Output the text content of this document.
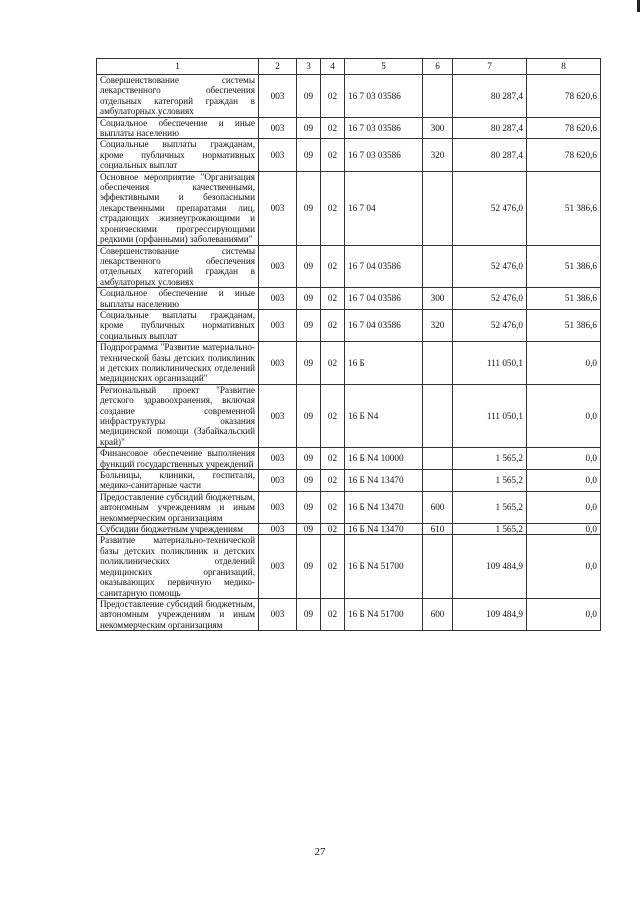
1	2	3	4	5	6	7	8
Совершенствование системы лекарственного обеспечения отдельных категорий граждан в амбулаторных условиях	003	09	02	16 7 03 03586		80 287,4	78 620,6
Социальное обеспечение и иные выплаты населению	003	09	02	16 7 03 03586	300	80 287,4	78 620,6
Социальные выплаты гражданам, кроме публичных нормативных социальных выплат	003	09	02	16 7 03 03586	320	80 287,4	78 620,6
Основное мероприятие "Организация обеспечения качественными, эффективными и безопасными лекарственными препаратами лиц, страдающих жизнеугрожающими и хроническими прогрессирующими редкими (орфанными) заболеваниями"	003	09	02	16 7 04		52 476,0	51 386,6
Совершенствование системы лекарственного обеспечения отдельных категорий граждан в амбулаторных условиях	003	09	02	16 7 04 03586		52 476,0	51 386,6
Социальное обеспечение и иные выплаты населению	003	09	02	16 7 04 03586	300	52 476,0	51 386,6
Социальные выплаты гражданам, кроме публичных нормативных социальных выплат	003	09	02	16 7 04 03586	320	52 476,0	51 386,6
Подпрограмма "Развитие материально-технической базы детских поликлиник и детских поликлинических отделений медицинских организаций"	003	09	02	16 Б		111 050,1	0,0
Региональный проект "Развитие детского здравоохранения, включая создание современной инфраструктуры оказания медицинской помощи (Забайкальский край)"	003	09	02	16 Б N4		111 050,1	0,0
Финансовое обеспечение выполнения функций государственных учреждений	003	09	02	16 Б N4 10000		1 565,2	0,0
Больницы, клиники, госпитали, медико-санитарные части	003	09	02	16 Б N4 13470		1 565,2	0,0
Предоставление субсидий бюджетным, автономным учреждениям и иным некоммерческим организациям	003	09	02	16 Б N4 13470	600	1 565,2	0,0
Субсидии бюджетным учреждениям	003	09	02	16 Б N4 13470	610	1 565,2	0,0
Развитие материально-технической базы детских поликлиник и детских поликлинических отделений медицинских организаций, оказывающих первичную медико-санитарную помощь	003	09	02	16 Б N4 51700		109 484,9	0,0
Предоставление субсидий бюджетным, автономным учреждениям и иным некоммерческим организациям	003	09	02	16 Б N4 51700	600	109 484,9	0,0
27
